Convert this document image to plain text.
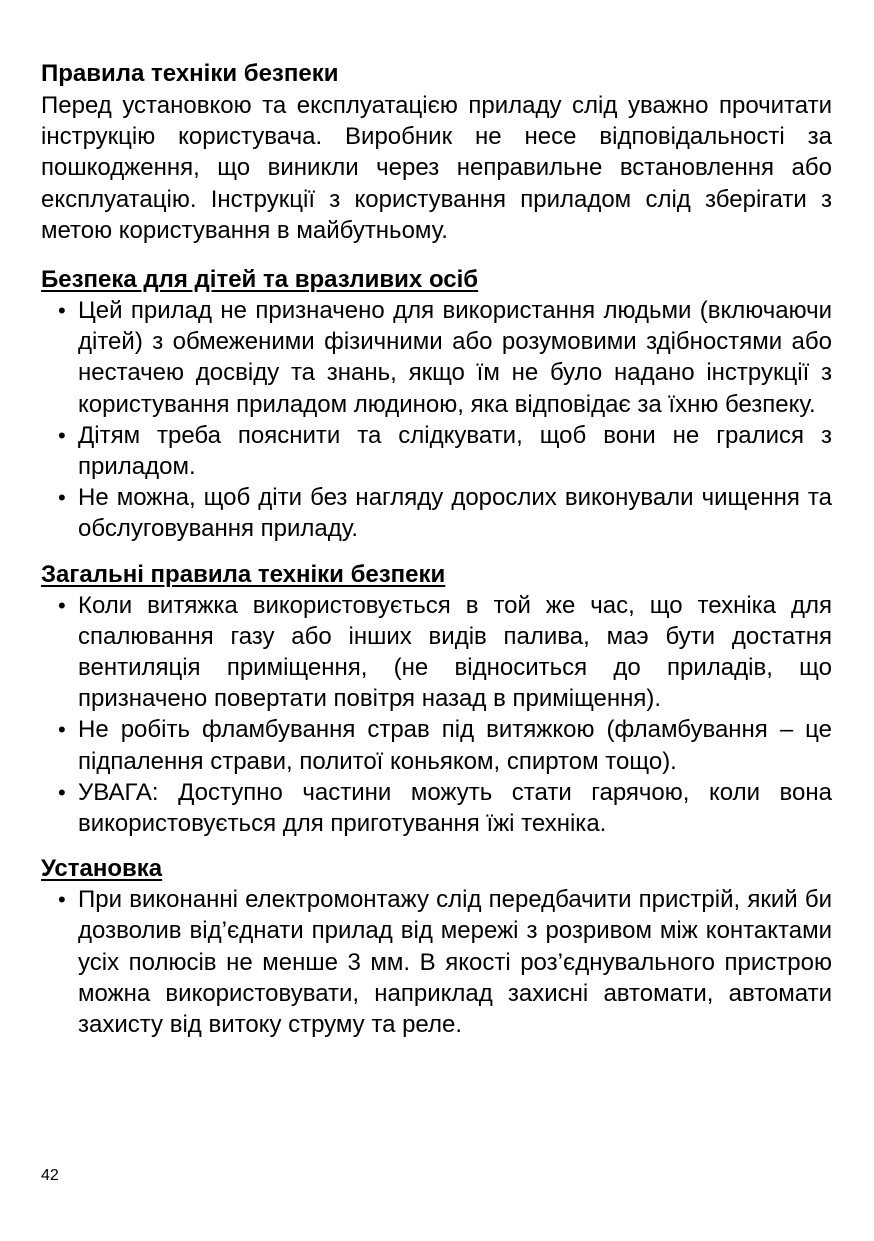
Правила техніки безпеки

Перед установкою та експлуатацією приладу слід уважно прочитати інструкцію користувача. Виробник не несе відповідальності за пошкодження, що виникли через неправильне встановлення або експлуатацію. Інструкції з користування приладом слід зберігати з метою користування в майбутньому.

Безпека для дітей та вразливих осіб
• Цей прилад не призначено для використання людьми (включаючи дітей) з обмеженими фізичними або розумовими здібностями або нестачею досвіду та знань, якщо їм не було надано інструкції з користування приладом людиною, яка відповідає за їхню безпеку.
• Дітям треба пояснити та слідкувати, щоб вони не гралися з приладом.
• Не можна, щоб діти без нагляду дорослих виконували чищення та обслуговування приладу.
Загальні правила техніки безпеки
• Коли витяжка використовується в той же час, що техніка для спалювання газу або інших видів палива, маэ бути достатня вентиляція приміщення, (не відноситься до приладів, що призначено повертати повітря назад в приміщення).
• Не робіть фламбування страв під витяжкою (фламбування – це підпалення страви, политої коньяком, спиртом тощо).
• УВАГА: Доступно частини можуть стати гарячою, коли вона використовується для приготування їжі техніка.
Установка
• При виконанні електромонтажу слід передбачити пристрій, який би дозволив від’єднати прилад від мережі з розривом між контактами усіх полюсів не менше 3 мм. В якості роз’єднувального пристрою можна використовувати, наприклад захисні автомати, автомати захисту від витоку струму та реле.
42
